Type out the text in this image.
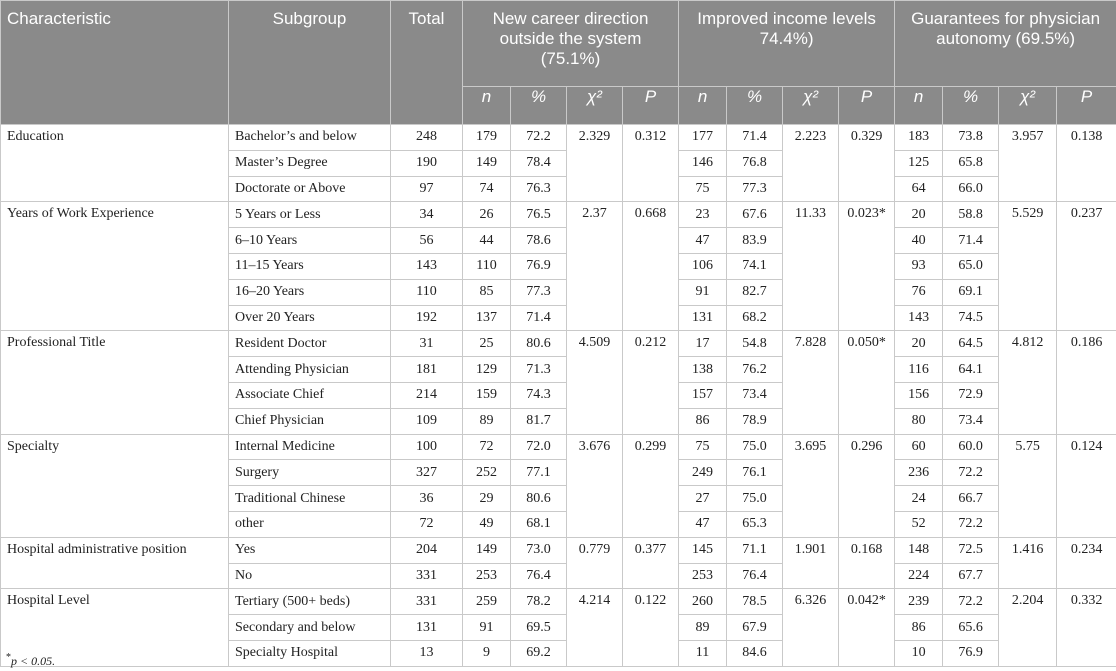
Characteristic	Subgroup	Total	New career direction outside the system (75.1%)				Improved income levels 74.4%)				Guarantees for physician autonomy (69.5%)			
			n	%	χ²	P	n	%	χ²	P	n	%	χ²	P
Education	Bachelor’s and below	248	179	72.2	2.329	0.312	177	71.4	2.223	0.329	183	73.8	3.957	0.138
	Master’s Degree	190	149	78.4			146	76.8			125	65.8		
	Doctorate or Above	97	74	76.3			75	77.3			64	66.0		
Years of Work Experience	5 Years or Less	34	26	76.5	2.37	0.668	23	67.6	11.33	0.023*	20	58.8	5.529	0.237
	6–10 Years	56	44	78.6			47	83.9			40	71.4		
	11–15 Years	143	110	76.9			106	74.1			93	65.0		
	16–20 Years	110	85	77.3			91	82.7			76	69.1		
	Over 20 Years	192	137	71.4			131	68.2			143	74.5		
Professional Title	Resident Doctor	31	25	80.6	4.509	0.212	17	54.8	7.828	0.050*	20	64.5	4.812	0.186
	Attending Physician	181	129	71.3			138	76.2			116	64.1		
	Associate Chief	214	159	74.3			157	73.4			156	72.9		
	Chief Physician	109	89	81.7			86	78.9			80	73.4		
Specialty	Internal Medicine	100	72	72.0	3.676	0.299	75	75.0	3.695	0.296	60	60.0	5.75	0.124
	Surgery	327	252	77.1			249	76.1			236	72.2		
	Traditional Chinese	36	29	80.6			27	75.0			24	66.7		
	other	72	49	68.1			47	65.3			52	72.2		
Hospital administrative position	Yes	204	149	73.0	0.779	0.377	145	71.1	1.901	0.168	148	72.5	1.416	0.234
	No	331	253	76.4			253	76.4			224	67.7		
Hospital Level	Tertiary (500+ beds)	331	259	78.2	4.214	0.122	260	78.5	6.326	0.042*	239	72.2	2.204	0.332
	Secondary and below	131	91	69.5			89	67.9			86	65.6		
	Specialty Hospital	13	9	69.2			11	84.6			10	76.9		
*p < 0.05.
